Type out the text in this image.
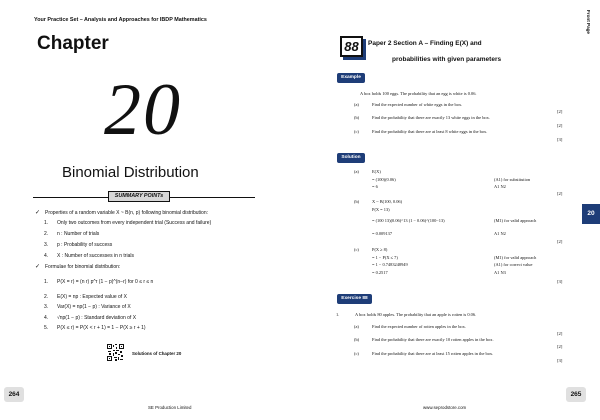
Your Practice Set – Analysis and Approaches for IBDP Mathematics
Chapter
20
Binomial Distribution
SUMMARY POINTs
✓ Properties of a random variable X ~ B(n, p) following binomial distribution:
1. Only two outcomes from every independent trial (Success and failure)
2. n : Number of trials
3. p : Probability of success
4. X : Number of successes in n trials
✓ Formulae for binomial distribution:
1. P(X = r) = (n r) p^r (1 − p)^(n−r) for 0 ≤ r ≤ n
2. E(X) = np : Expected value of X
3. Var(X) = np(1 − p) : Variance of X
4. √np(1 − p) : Standard deviation of X
5. P(X ≤ r) = P(X < r + 1) = 1 − P(X ≥ r + 1)
Solutions of Chapter 20
264
SE Production Limited
Front Page
88	Paper 2 Section A – Finding E(X) and
probabilities with given parameters
Example
A box holds 100 eggs. The probability that an egg is white is 0.06.
(a)	Find the expected number of white eggs in the box.
[2]
(b)	Find the probability that there are exactly 13 white eggs in the box.
[2]
(c)	Find the probability that there are at least 8 white eggs in the box.
[3]
Solution
(a)	E(X)
= (100)(0.06)	(A1) for substitution
= 6	A1 N2
[2]
(b)	X ~ B(100, 0.06)
P(X = 13)
= (100 13)(0.06)^13 (1 − 0.06)^(100−13)	(M1) for valid approach
= 0.009137	A1 N2
[2]
(c)	P(X ≥ 8)
= 1 − P(X ≤ 7)	(M1) for valid approach
= 1 − 0.7483248949	(A1) for correct value
= 0.2517	A1 N3
[3]
Exercise 88
1.	A box holds 80 apples. The probability that an apple is rotten is 0.06.
(a)	Find the expected number of rotten apples in the box.
[2]
(b)	Find the probability that there are exactly 10 rotten apples in the box.
[2]
(c)	Find the probability that there are at least 15 rotten apples in the box.
[3]
20
265
www.seprodstore.com
